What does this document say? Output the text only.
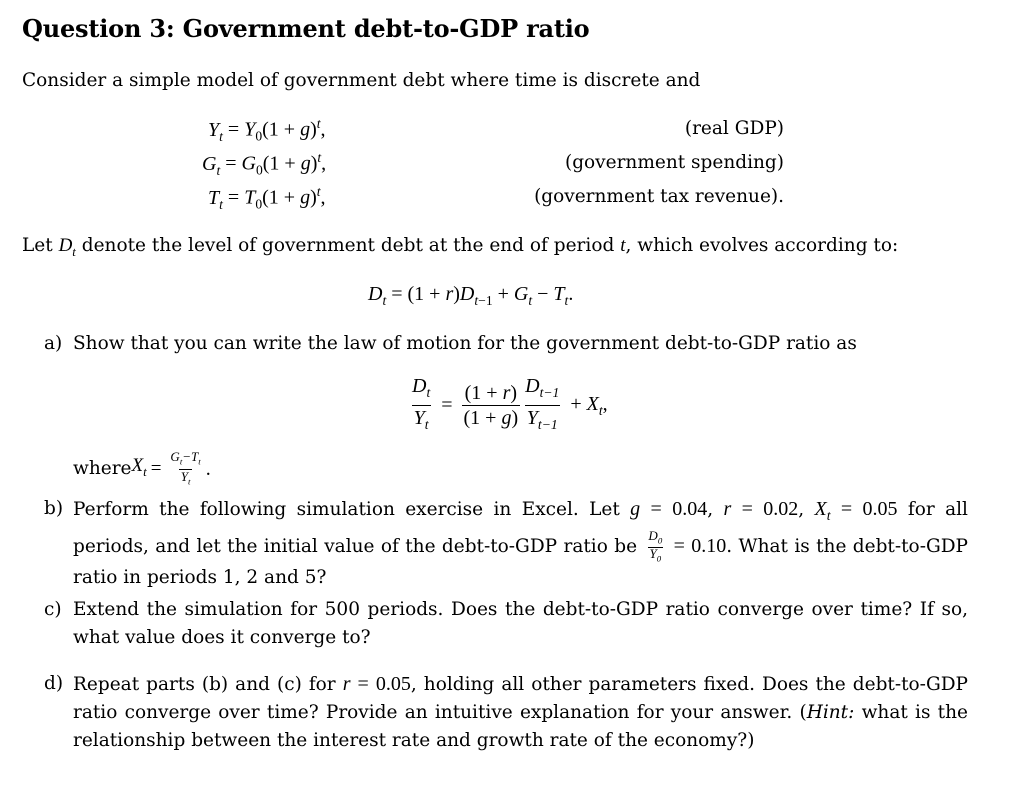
Question 3: Government debt-to-GDP ratio
Consider a simple model of government debt where time is discrete and
$Y_t = Y_0(1 + g)^t$,
$G_t = G_0(1 + g)^t$,
$T_t = T_0(1 + g)^t$,
(real GDP)
(government spending)
(government tax revenue).
Let $D_t$ denote the level of government debt at the end of period t, which evolves according to:
$D_t = (1 + r)D_{t-1} + G_t - T_t$.
a) Show that you can write the law of motion for the government debt-to-GDP ratio as
$\frac{D_t}{Y_t} = \frac{(1 + r)}{(1 + g)} \frac{D_{t-1}}{Y_{t-1}} + X_t$,
where $X_t = \frac{G_t-T_t}{Y_t}$ .
b) Perform the following simulation exercise in Excel. Let g = 0.04, r = 0.02, $X_t = 0.05$ for all periods, and let the initial value of the debt-to-GDP ratio be $\frac{D_0}{Y_0} = 0.10$. What is the debt-to-GDP ratio in periods 1, 2 and 5?
c) Extend the simulation for 500 periods. Does the debt-to-GDP ratio converge over time? If so, what value does it converge to?
d) Repeat parts (b) and (c) for r = 0.05, holding all other parameters fixed. Does the debt-to-GDP ratio converge over time? Provide an intuitive explanation for your answer. (Hint: what is the relationship between the interest rate and growth rate of the economy?)
